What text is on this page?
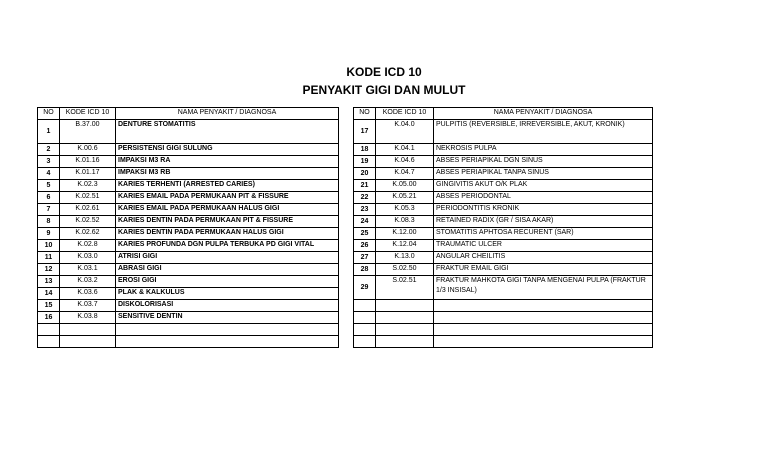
KODE ICD 10
PENYAKIT GIGI DAN MULUT
NO	KODE ICD 10	NAMA PENYAKIT / DIAGNOSA
1	B.37.00	DENTURE STOMATITIS
2	K.00.6	PERSISTENSI GIGI SULUNG
3	K.01.16	IMPAKSI M3 RA
4	K.01.17	IMPAKSI M3 RB
5	K.02.3	KARIES TERHENTI (ARRESTED CARIES)
6	K.02.51	KARIES EMAIL PADA PERMUKAAN PIT & FISSURE
7	K.02.61	KARIES EMAIL PADA PERMUKAAN HALUS GIGI
8	K.02.52	KARIES DENTIN PADA PERMUKAAN PIT & FISSURE
9	K.02.62	KARIES DENTIN PADA PERMUKAAN HALUS GIGI
10	K.02.8	KARIES PROFUNDA DGN PULPA TERBUKA PD GIGI VITAL
11	K.03.0	ATRISI GIGI
12	K.03.1	ABRASI GIGI
13	K.03.2	EROSI GIGI
14	K.03.6	PLAK & KALKULUS
15	K.03.7	DISKOLORISASI
16	K.03.8	SENSITIVE DENTIN

NO	KODE ICD 10	NAMA PENYAKIT / DIAGNOSA
17	K.04.0	PULPITIS (REVERSIBLE, IRREVERSIBLE, AKUT, KRONIK)
18	K.04.1	NEKROSIS PULPA
19	K.04.6	ABSES PERIAPIKAL DGN SINUS
20	K.04.7	ABSES PERIAPIKAL TANPA SINUS
21	K.05.00	GINGIVITIS AKUT O/K PLAK
22	K.05.21	ABSES PERIODONTAL
23	K.05.3	PERIODONTITIS KRONIK
24	K.08.3	RETAINED RADIX (GR / SISA AKAR)
25	K.12.00	STOMATITIS APHTOSA RECURENT (SAR)
26	K.12.04	TRAUMATIC ULCER
27	K.13.0	ANGULAR CHEILITIS
28	S.02.50	FRAKTUR EMAIL GIGI
29	S.02.51	FRAKTUR MAHKOTA GIGI TANPA MENGENAI PULPA (FRAKTUR 1/3 INSISAL)
